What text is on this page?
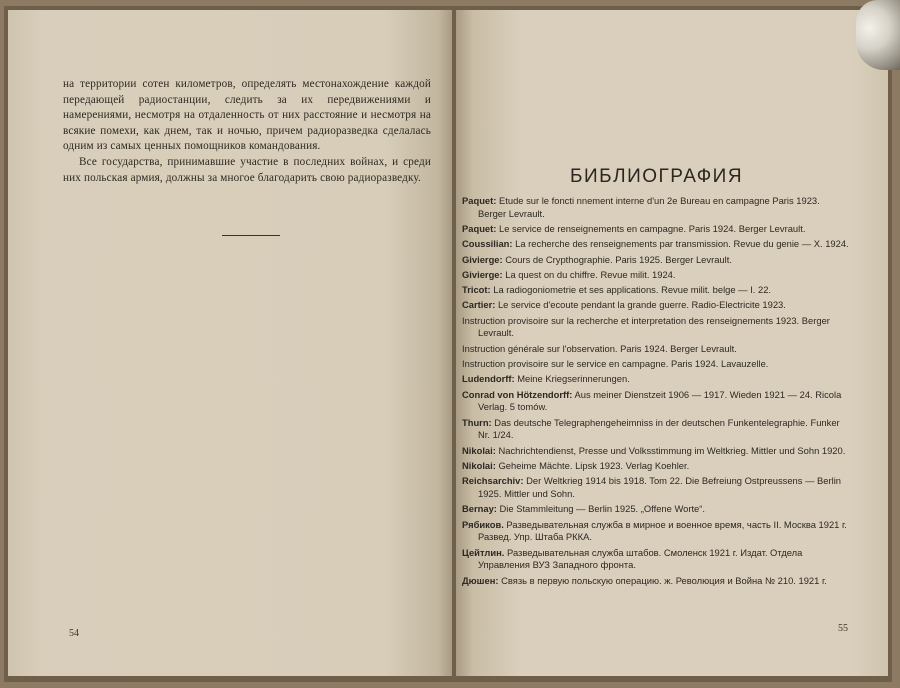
на территории сотен километров, определять местонахождение каждой передающей радиостанции, следить за их передвижениями и намерениями, несмотря на отдаленность от них расстояние и несмотря на всякие помехи, как днем, так и ночью, причем радиоразведка сделалась одним из самых ценных помощников командования.

Все государства, принимавшие участие в последних войнах, и среди них польская армия, должны за многое благодарить свою радиоразведку.

54
БИБЛИОГРАФИЯ
Paquet: Etude sur le foncti nnement interne d'un 2e Bureau en campagne Paris 1923. Berger Levrault.
Paquet: Le service de renseignements en campagne. Paris 1924. Berger Levrault.
Coussilian: La recherche des renseignements par transmission. Revue du genie — X. 1924.
Givierge: Cours de Crypthographie. Paris 1925. Berger Levrault.
Givierge: La quest on du chiffre. Revue milit. 1924.
Tricot: La radiogoniometrie et ses applications. Revue milit. belge — I. 22.
Cartier: Le service d'ecoute pendant la grande guerre. Radio-Electricite 1923.
Instruction provisoire sur la recherche et interpretation des renseignements 1923. Berger Levrault.
Instruction générale sur l'observation. Paris 1924. Berger Levrault.
Instruction provisoire sur le service en campagne. Paris 1924. Lavauzelle.
Ludendorff: Meine Kriegserinnerungen.
Conrad von Hötzendorff: Aus meiner Dienstzeit 1906 — 1917. Wieden 1921 — 24. Ricola Verlag. 5 tomów.
Thurn: Das deutsche Telegraphengeheimniss in der deutschen Funkentelegraphie. Funker Nr. 1/24.
Nikolai: Nachrichtendienst, Presse und Volksstimmung im Weltkrieg. Mittler und Sohn 1920.
Nikolai: Geheime Mächte. Lipsk 1923. Verlag Koehler.
Reichsarchiv: Der Weltkrieg 1914 bis 1918. Tom 22. Die Befreiung Ostpreussens — Berlin 1925. Mittler und Sohn.
Bernay: Die Stammleitung — Berlin 1925. „Offene Worte“.
Рябиков. Разведывательная служба в мирное и военное время, часть II. Москва 1921 г. Развед. Упр. Штаба РККА.
Цейтлин. Разведывательная служба штабов. Смоленск 1921 г. Издат. Отдела Управления ВУЗ Западного фронта.
Дюшен: Связь в первую польскую операцию. ж. Революция и Война № 210. 1921 г.
55
